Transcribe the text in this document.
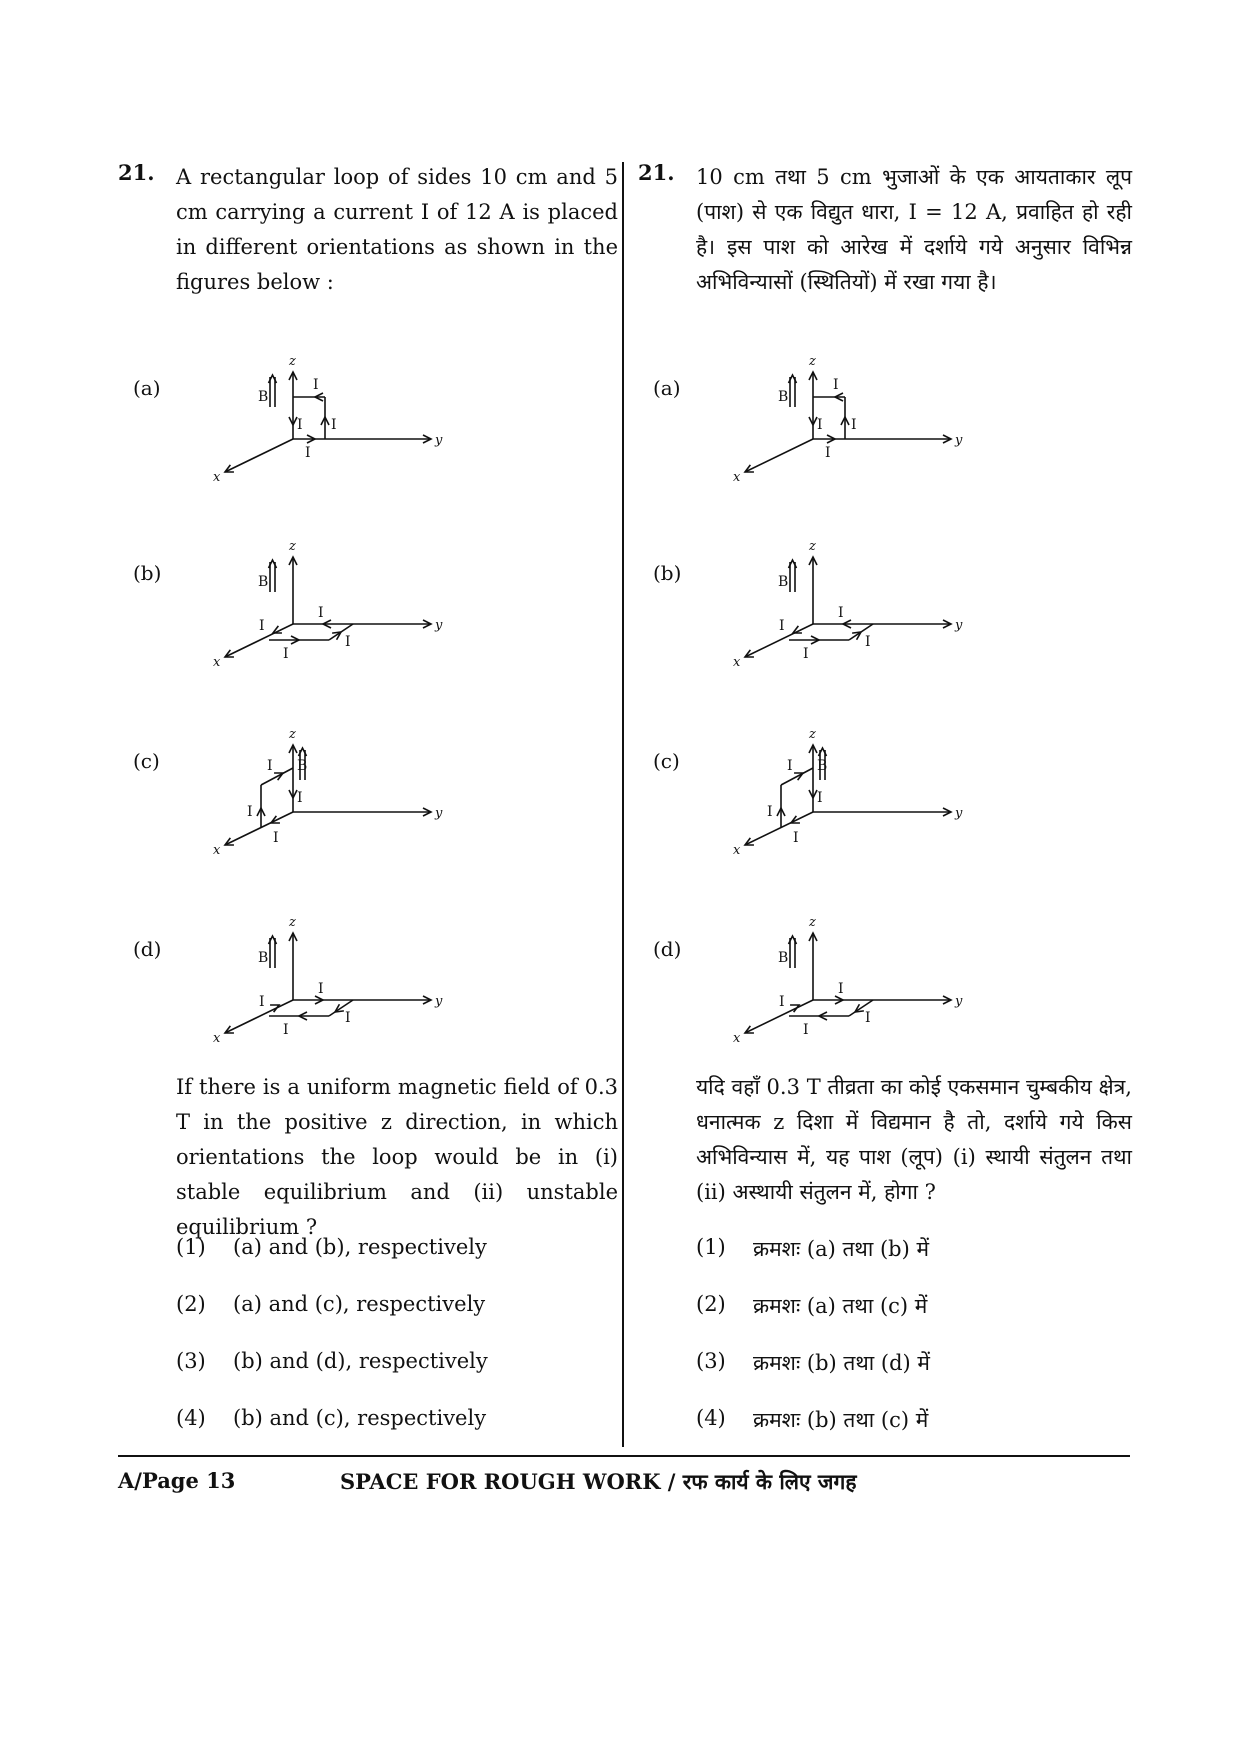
21. A rectangular loop of sides 10 cm and 5 cm carrying a current I of 12 A is placed in different orientations as shown in the figures below :
(a)
z
y
x
B
I
I I
I
(b)
z
y
x
B
I
I
I
I
(c)
z
y
x
B
I
I
I
I
(d)
z
y
x
B
I
I
I
I
If there is a uniform magnetic field of 0.3 T in the positive z direction, in which orientations the loop would be in (i) stable equilibrium and (ii) unstable equilibrium ?
(1) (a) and (b), respectively
(2) (a) and (c), respectively
(3) (b) and (d), respectively
(4) (b) and (c), respectively
21. 10 cm तथा 5 cm भुजाओं के एक आयताकार लूप (पाश) से एक विद्युत धारा, I = 12 A, प्रवाहित हो रही है। इस पाश को आरेख में दर्शाये गये अनुसार विभिन्न अभिविन्यासों (स्थितियों) में रखा गया है।
(a)
z
y
x
B
I
I I
I
(b)
z
y
x
B
I
I
I
I
(c)
z
y
x
B
I
I
I
I
(d)
z
y
x
B
I
I
I
I
यदि वहाँ 0.3 T तीव्रता का कोई एकसमान चुम्बकीय क्षेत्र, धनात्मक z दिशा में विद्यमान है तो, दर्शाये गये किस अभिविन्यास में, यह पाश (लूप) (i) स्थायी संतुलन तथा (ii) अस्थायी संतुलन में, होगा ?
(1) क्रमशः (a) तथा (b) में
(2) क्रमशः (a) तथा (c) में
(3) क्रमशः (b) तथा (d) में
(4) क्रमशः (b) तथा (c) में
A/Page 13	SPACE FOR ROUGH WORK / रफ कार्य के लिए जगह
